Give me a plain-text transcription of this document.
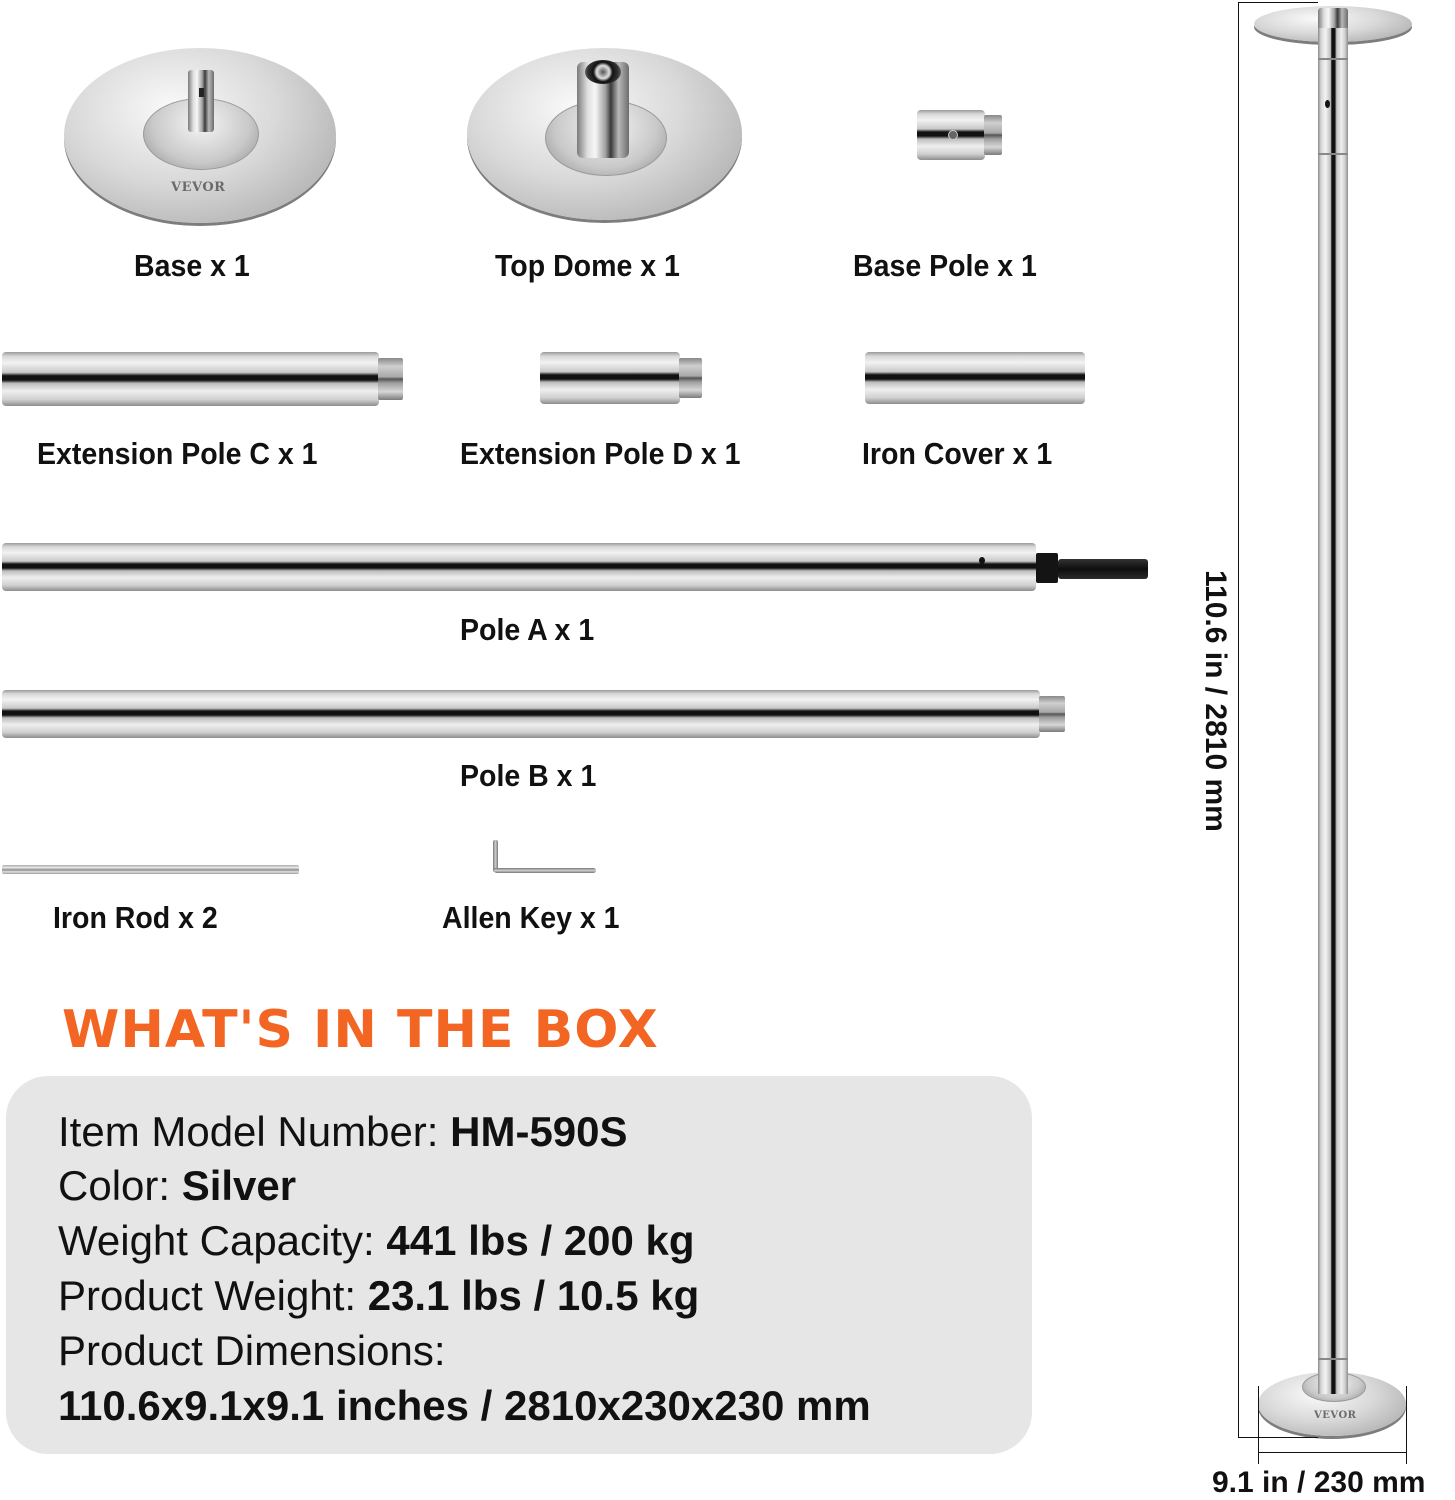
VEVOR
Base x 1	Top Dome x 1	Base Pole x 1
Extension Pole C x 1	Extension Pole D x 1	Iron Cover x 1
Pole A x 1
Pole B x 1
Iron Rod x 2	Allen Key x 1
WHAT'S IN THE BOX
Item Model Number: HM-590S
Color: Silver
Weight Capacity: 441 lbs / 200 kg
Product Weight: 23.1 lbs / 10.5 kg
Product Dimensions:
110.6x9.1x9.1 inches / 2810x230x230 mm	VEVOR
110.6 in / 2810 mm
9.1 in / 230 mm
